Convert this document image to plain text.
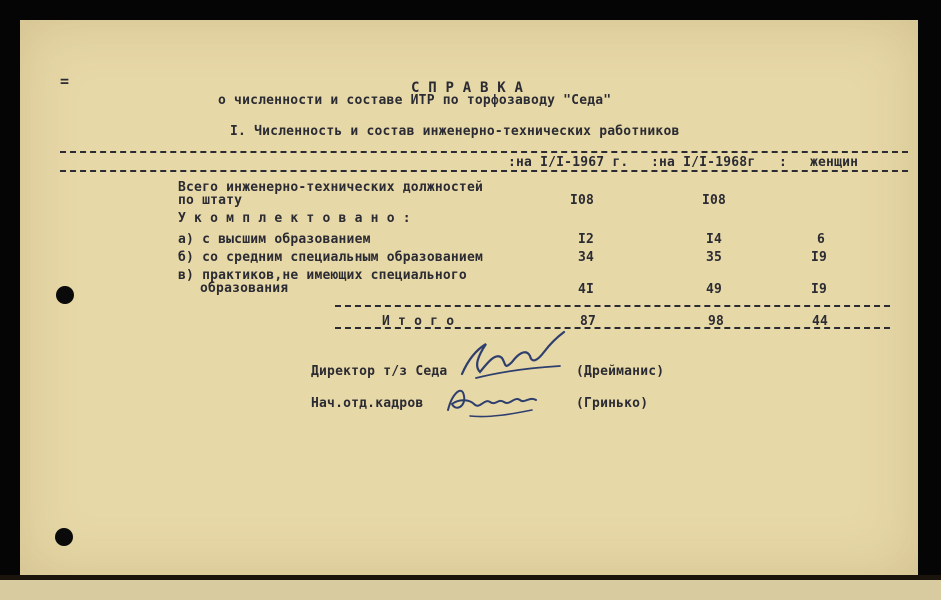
=	С П Р А В К А
о численности и составе ИТР по торфозаводу "Седа"
I. Численность и состав инженерно-технических работников
:на I/I-1967 г. :на I/I-1968г : женщин
Всего инженерно-технических должностей
по штату	I08	I08
У к о м п л е к т о в а н о :
а) с высшим образованием	I2	I4	6
б) со средним специальным образованием	34	35	I9
в) практиков,не имеющих специального
образования	4I	49	I9
И т о г о	87	98	44
Директор т/з Седа	(Дрейманис)
Нач.отд.кадров	(Гринько)
